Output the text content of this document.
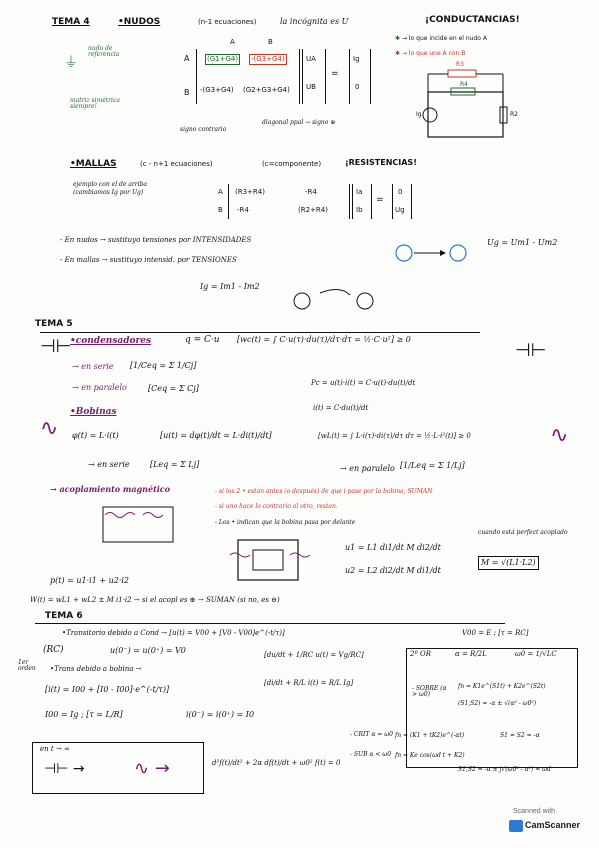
TEMA 4	•NUDOS	(n-1 ecuaciones)	la incógnita es U	¡CONDUCTANCIAS!
⏚
nudo de referencia
matriz simétrica siempre!
A
B
A	B
(G1+G4) -(G3+G4)
-(G3+G4) (G2+G3+G4)
UA
UB
=
Ig
0
signo contrario
diagonal ppal → signo ⊕
✱ → lo que incide en el nudo A
✱ → lo que une A con B
R3
R4
R2
Ig
•MALLAS	(c - n+1 ecuaciones)	(c=componente)	¡RESISTENCIAS!
ejemplo con el de arriba (cambiamos Ig por Ug)	A
B
(R3+R4)	-R4
-R4	(R2+R4)
Ia
Ib
=
0
Ug
- En nudos → sustituyo tensiones por INTENSIDADES
- En mallas → sustituyo intensid. por TENSIONES
Ug = Um1 - Um2
Ig = Im1 - Im2
TEMA 5
⊣⊢
•condensadores	q = C·u [wc(t) = ∫ C·u(τ)·du(τ)/dτ·dτ = ½·C·u²] ≥ 0
⊣⊢
→ en serie [1/Ceq = Σ 1/Cj]
→ en paralelo	[Ceq = Σ Cj]
Pc = u(t)·i(t) = C·u(t)·du(t)/dt
i(t) = C·du(t)/dt
∿
•Bobinas
φ(t) = L·i(t)	[u(t) = dφ(t)/dt = L·di(t)/dt]	[wL(t) = ∫ L·i(τ)·di(τ)/dτ dτ = ½·L·i²(t)] ≥ 0	∿
→ en serie	[Leq = Σ Lj]	→ en paralelo [1/Leq = Σ 1/Lj]
→ acoplamiento magnético	- si los 2 • están antes (o después) de que i pase por la bobina, SUMAN
- si uno hace lo contrario al otro, restan.
- Los • indican que la bobina pasa por delante
u1 = L1 di1/dt M di2/dt
u2 = L2 di2/dt M di1/dt
cuando está perfect acoplado
M = √(L1·L2)
p(t) = u1·i1 + u2·i2
W(t) = wL1 + wL2 ± M i1·i2 → si el acopl es ⊕ → SUMAN (si no, es ⊖)
TEMA 6
•Transitorio debido a Cond → [u(t) = V00 + [V0 - V00]e^(-t/τ)]	V00 = E ; [τ = RC]
1er orden
(RC)	u(0⁻) = u(0⁺) = V0	[du/dt + 1/RC u(t) = Vg/RC]
•Trans debido a bobina →
[di/dt + R/L i(t) = R/L Ig]
[i(t) = I00 + [I0 - I00]·e^(-t/τ)]
I00 = Ig ; [τ = L/R]	i(0⁻) = i(0⁺) = I0
2º OR	α = R/2L	ω0 = 1/√LC
- SOBRE (α > ω0)
fn = K1e^(S1t) + K2e^(S2t)
(S1,S2) = -α ± √(α² - ω0²)
- CRIT α = ω0 fn = (K1 + tK2)e^(-αt)	S1 = S2 = -α
- SUB α < ω0 fn = Ke cos(ωd t + K2)
S1,S2 = -α ± j√(ω0² - α²) = ωd
en t → ∞
⊣⊢ →	∿ →	d²f(t)/dt² + 2α df(t)/dt + ω0² f(t) = 0
Scanned with
CamScanner
